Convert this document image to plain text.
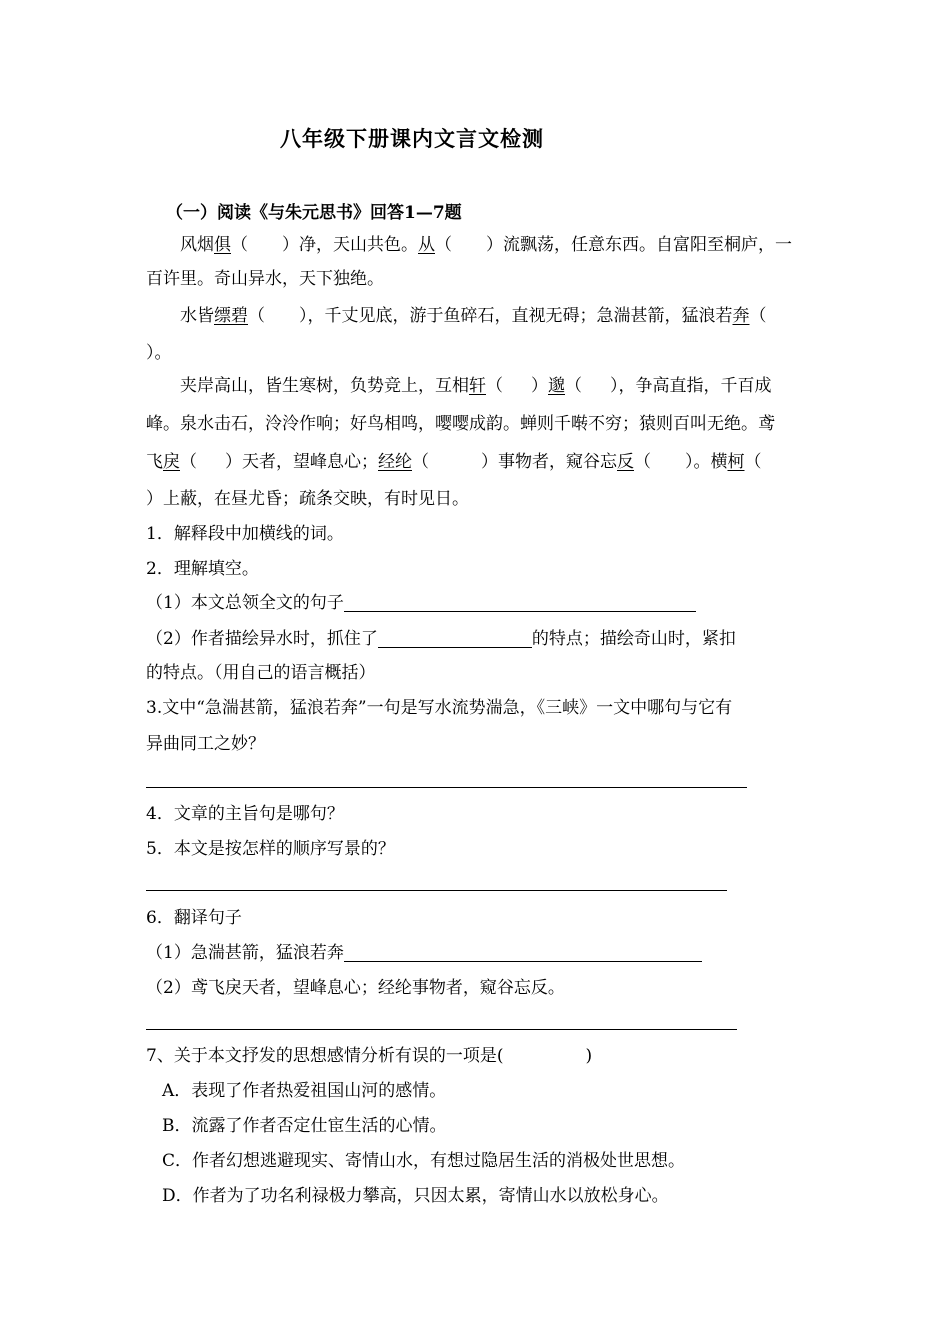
八年级下册课内文言文检测
（一）阅读《与朱元思书》回答1—7题
风烟俱（ ）净，天山共色。从（ ）流飘荡，任意东西。自富阳至桐庐，一
百许里。奇山异水，天下独绝。
水皆缥碧（ ），千丈见底，游于鱼碎石，直视无碍；急湍甚箭，猛浪若奔（
）。
夹岸高山，皆生寒树，负势竞上，互相轩（ ）邈（ ），争高直指，千百成
峰。泉水击石，泠泠作响；好鸟相鸣，嘤嘤成韵。蝉则千啭不穷；猿则百叫无绝。鸢
飞戾（ ）天者，望峰息心；经纶（	）事物者，窥谷忘反（ ）。横柯（
）上蔽，在昼尤昏；疏条交映，有时见日。
1．解释段中加横线的词。
2．理解填空。
（1）本文总领全文的句子
（2）作者描绘异水时，抓住了	的特点；描绘奇山时，紧扣
的特点。（用自己的语言概括）
3.文中“急湍甚箭，猛浪若奔”一句是写水流势湍急，《三峡》一文中哪句与它有
异曲同工之妙？
4．文章的主旨句是哪句？
5．本文是按怎样的顺序写景的？
6．翻译句子
（1）急湍甚箭，猛浪若奔
（2）鸢飞戾天者，望峰息心；经纶事物者，窥谷忘反。
7、关于本文抒发的思想感情分析有误的一项是(	)
A．表现了作者热爱祖国山河的感情。
B．流露了作者否定仕宦生活的心情。
C．作者幻想逃避现实、寄情山水，有想过隐居生活的消极处世思想。
D．作者为了功名利禄极力攀高，只因太累，寄情山水以放松身心。
